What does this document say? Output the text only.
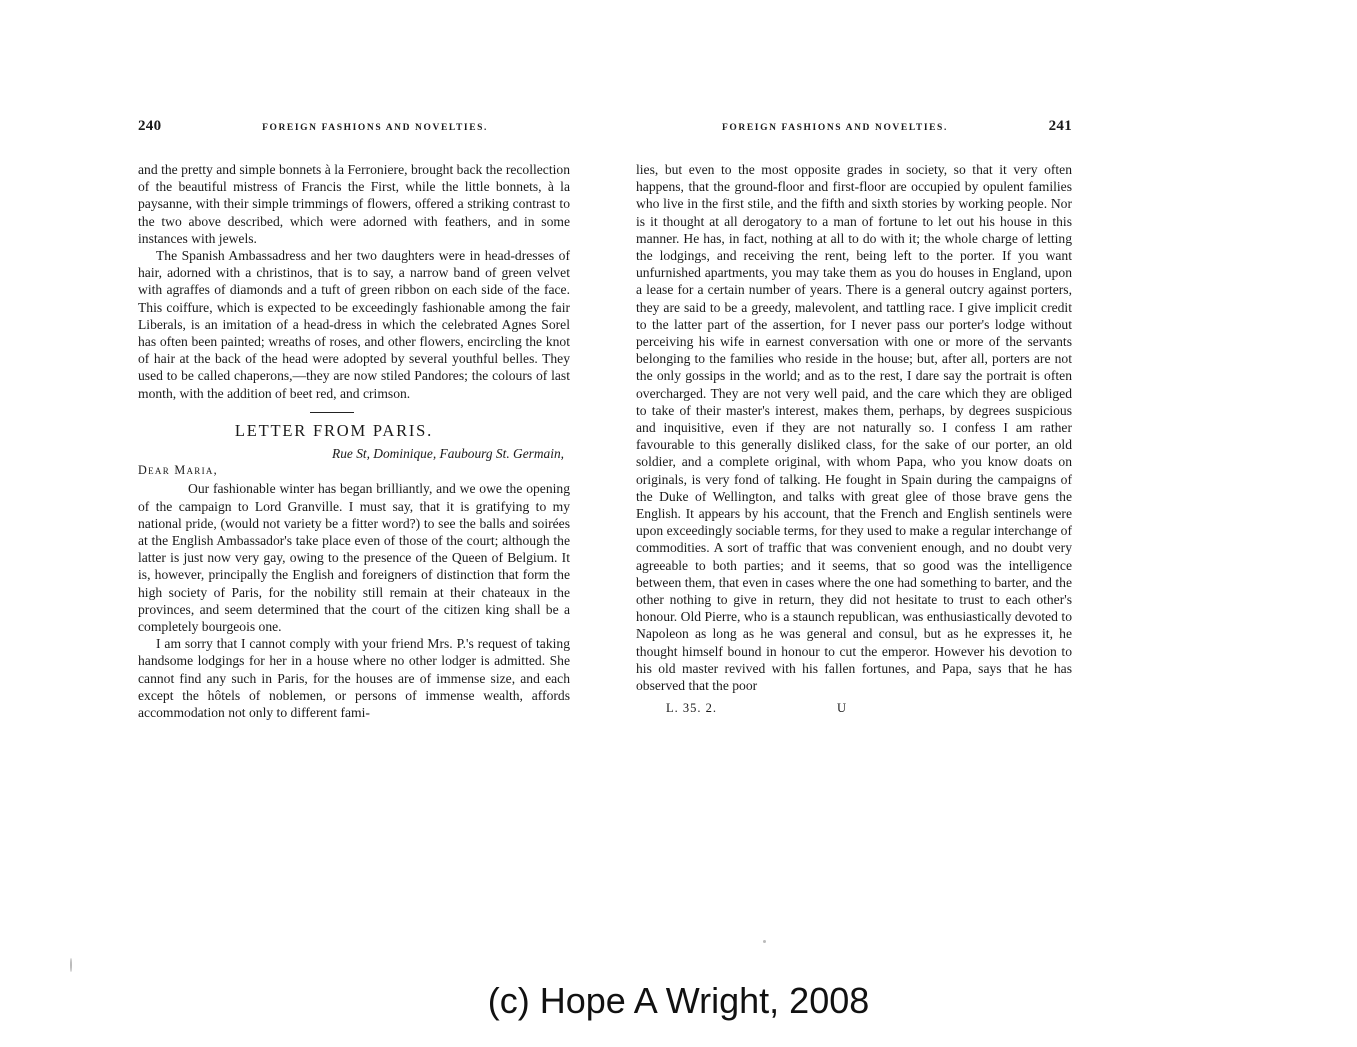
240	FOREIGN FASHIONS AND NOVELTIES.

and the pretty and simple bonnets à la Ferroniere, brought back the recollection of the beautiful mistress of Francis the First, while the little bonnets, à la paysanne, with their simple trimmings of flowers, offered a striking contrast to the two above described, which were adorned with feathers, and in some instances with jewels.

The Spanish Ambassadress and her two daughters were in head-dresses of hair, adorned with a christinos, that is to say, a narrow band of green velvet with agraffes of diamonds and a tuft of green ribbon on each side of the face. This coiffure, which is expected to be exceedingly fashionable among the fair Liberals, is an imitation of a head-dress in which the celebrated Agnes Sorel has often been painted; wreaths of roses, and other flowers, encircling the knot of hair at the back of the head were adopted by several youthful belles. They used to be called chaperons,—they are now stiled Pandores; the colours of last month, with the addition of beet red, and crimson.

LETTER FROM PARIS.

Rue St, Dominique, Faubourg St. Germain,

Dear Maria,

Our fashionable winter has began brilliantly, and we owe the opening of the campaign to Lord Granville. I must say, that it is gratifying to my national pride, (would not variety be a fitter word?) to see the balls and soirées at the English Ambassador's take place even of those of the court; although the latter is just now very gay, owing to the presence of the Queen of Belgium. It is, however, principally the English and foreigners of distinction that form the high society of Paris, for the nobility still remain at their chateaux in the provinces, and seem determined that the court of the citizen king shall be a completely bourgeois one.

I am sorry that I cannot comply with your friend Mrs. P.'s request of taking handsome lodgings for her in a house where no other lodger is admitted. She cannot find any such in Paris, for the houses are of immense size, and each except the hôtels of noblemen, or persons of immense wealth, affords accommodation not only to different fami-

FOREIGN FASHIONS AND NOVELTIES.	241

lies, but even to the most opposite grades in society, so that it very often happens, that the ground-floor and first-floor are occupied by opulent families who live in the first stile, and the fifth and sixth stories by working people. Nor is it thought at all derogatory to a man of fortune to let out his house in this manner. He has, in fact, nothing at all to do with it; the whole charge of letting the lodgings, and receiving the rent, being left to the porter. If you want unfurnished apartments, you may take them as you do houses in England, upon a lease for a certain number of years. There is a general outcry against porters, they are said to be a greedy, malevolent, and tattling race. I give implicit credit to the latter part of the assertion, for I never pass our porter's lodge without perceiving his wife in earnest conversation with one or more of the servants belonging to the families who reside in the house; but, after all, porters are not the only gossips in the world; and as to the rest, I dare say the portrait is often overcharged. They are not very well paid, and the care which they are obliged to take of their master's interest, makes them, perhaps, by degrees suspicious and inquisitive, even if they are not naturally so. I confess I am rather favourable to this generally disliked class, for the sake of our porter, an old soldier, and a complete original, with whom Papa, who you know doats on originals, is very fond of talking. He fought in Spain during the campaigns of the Duke of Wellington, and talks with great glee of those brave gens the English. It appears by his account, that the French and English sentinels were upon exceedingly sociable terms, for they used to make a regular interchange of commodities. A sort of traffic that was convenient enough, and no doubt very agreeable to both parties; and it seems, that so good was the intelligence between them, that even in cases where the one had something to barter, and the other nothing to give in return, they did not hesitate to trust to each other's honour. Old Pierre, who is a staunch republican, was enthusiastically devoted to Napoleon as long as he was general and consul, but as he expresses it, he thought himself bound in honour to cut the emperor. However his devotion to his old master revived with his fallen fortunes, and Papa, says that he has observed that the poor

L. 35. 2.	U
(c) Hope A Wright, 2008
